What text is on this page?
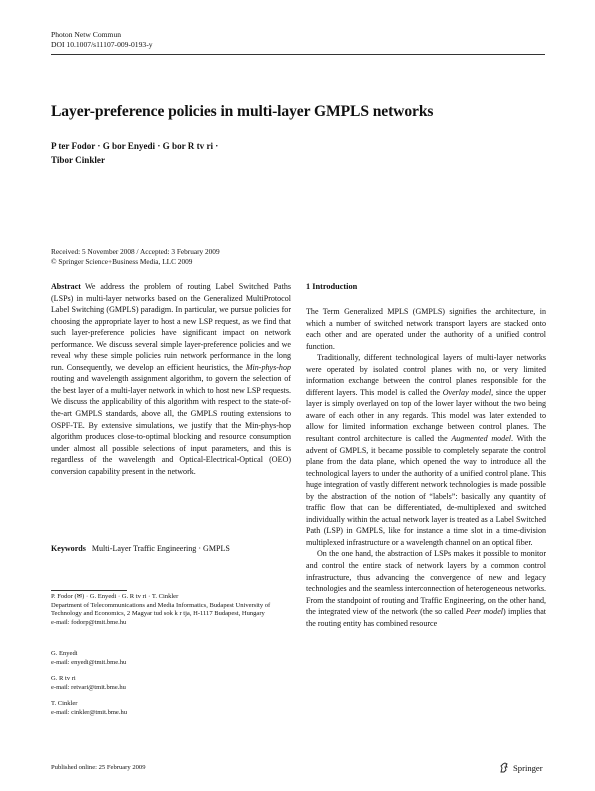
Photon Netw Commun
DOI 10.1007/s11107-009-0193-y
Layer-preference policies in multi-layer GMPLS networks
P ter Fodor · G bor Enyedi · G bor R tv ri ·
Tibor Cinkler
Received: 5 November 2008 / Accepted: 3 February 2009
© Springer Science+Business Media, LLC 2009
Abstract We address the problem of routing Label Switched Paths (LSPs) in multi-layer networks based on the Generalized MultiProtocol Label Switching (GMPLS) paradigm. In particular, we pursue policies for choosing the appropriate layer to host a new LSP request, as we find that such layer-preference policies have significant impact on network performance. We discuss several simple layer-preference policies and we reveal why these simple policies ruin network performance in the long run. Consequently, we develop an efficient heuristics, the Min-phys-hop routing and wavelength assignment algorithm, to govern the selection of the best layer of a multi-layer network in which to host new LSP requests. We discuss the applicability of this algorithm with respect to the state-of-the-art GMPLS standards, above all, the GMPLS routing extensions to OSPF-TE. By extensive simulations, we justify that the Min-phys-hop algorithm produces close-to-optimal blocking and resource consumption under almost all possible selections of input parameters, and this is regardless of the wavelength and Optical-Electrical-Optical (OEO) conversion capability present in the network.
Keywords Multi-Layer Traffic Engineering · GMPLS
P. Fodor (✉) · G. Enyedi · G. R tv ri · T. Cinkler
Department of Telecommunications and Media Informatics, Budapest University of Technology and Economics, 2 Magyar tud sok k r tja, H-1117 Budapest, Hungary
e-mail: fodorp@tmit.bme.hu
G. Enyedi
e-mail: enyedi@tmit.bme.hu
G. R tv ri
e-mail: retvari@tmit.bme.hu
T. Cinkler
e-mail: cinkler@tmit.bme.hu
1 Introduction

The Term Generalized MPLS (GMPLS) signifies the architecture, in which a number of switched network transport layers are stacked onto each other and are operated under the authority of a unified control function.

Traditionally, different technological layers of multi-layer networks were operated by isolated control planes with no, or very limited information exchange between the control planes responsible for the different layers. This model is called the Overlay model, since the upper layer is simply overlayed on top of the lower layer without the two being aware of each other in any regards. This model was later extended to allow for limited information exchange between control planes. The resultant control architecture is called the Augmented model. With the advent of GMPLS, it became possible to completely separate the control plane from the data plane, which opened the way to introduce all the technological layers to under the authority of a unified control plane. This huge integration of vastly different network technologies is made possible by the abstraction of the notion of “labels”: basically any quantity of traffic flow that can be differentiated, de-multiplexed and switched individually within the actual network layer is treated as a Label Switched Path (LSP) in GMPLS, like for instance a time slot in a time-division multiplexed infrastructure or a wavelength channel on an optical fiber.

On the one hand, the abstraction of LSPs makes it possible to monitor and control the entire stack of network layers by a common control infrastructure, thus advancing the convergence of new and legacy technologies and the seamless interconnection of heterogeneous networks. From the standpoint of routing and Traffic Engineering, on the other hand, the integrated view of the network (the so called Peer model) implies that the routing entity has combined resource

Published online: 25 February 2009	Springer
